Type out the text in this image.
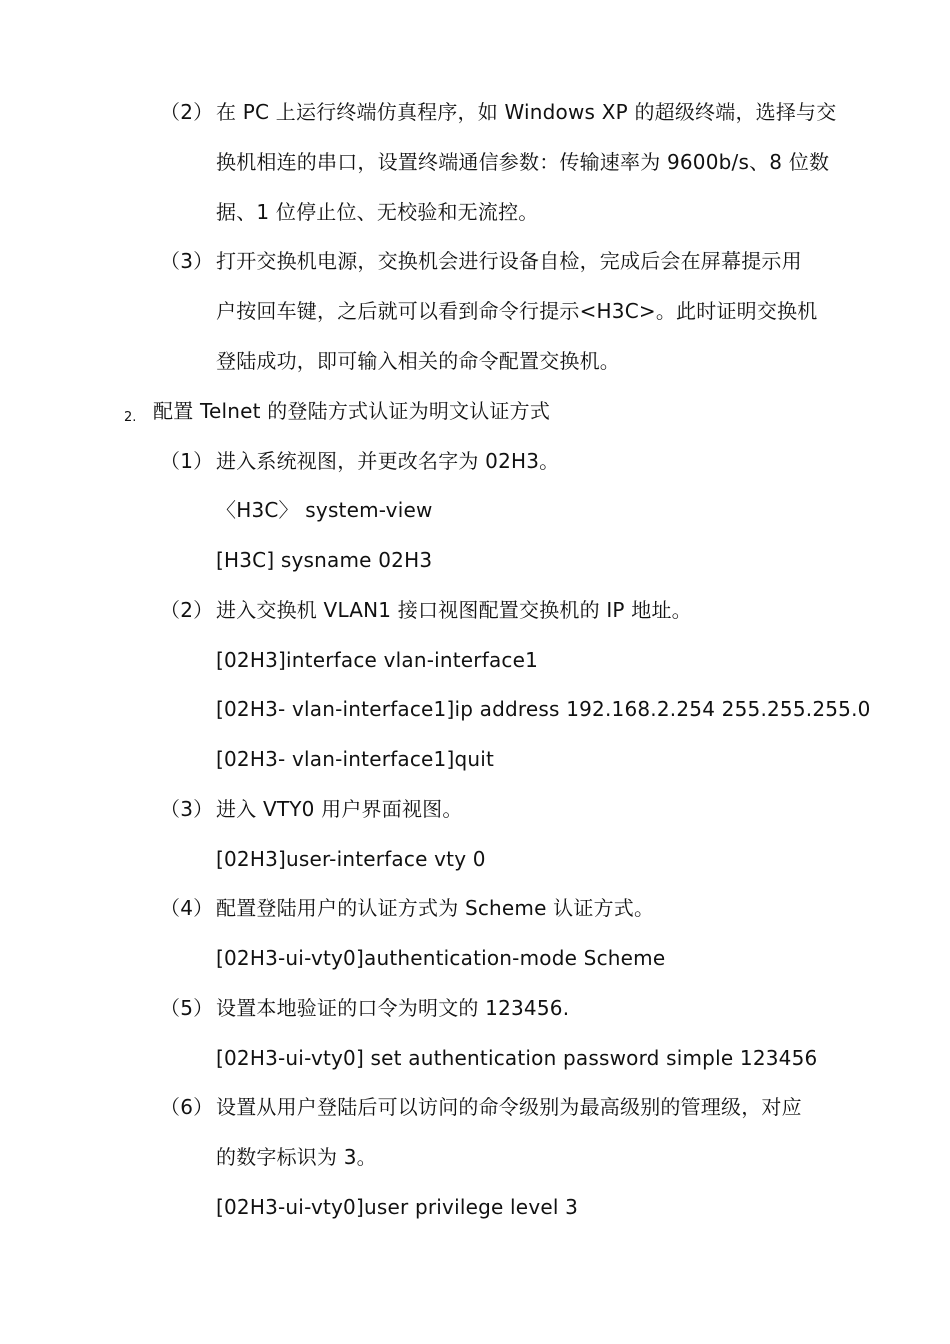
（2） 在 PC 上运行终端仿真程序，如 Windows XP 的超级终端，选择与交
换机相连的串口，设置终端通信参数：传输速率为 9600b/s、8 位数
据、1 位停止位、无校验和无流控。
（3） 打开交换机电源，交换机会进行设备自检，完成后会在屏幕提示用
户按回车键，之后就可以看到命令行提示<H3C>。此时证明交换机
登陆成功，即可输入相关的命令配置交换机。
2. 配置 Telnet 的登陆方式认证为明文认证方式
（1） 进入系统视图，并更改名字为 02H3。
〈H3C〉 system-view
[H3C] sysname 02H3
（2） 进入交换机 VLAN1 接口视图配置交换机的 IP 地址。
[02H3]interface vlan-interface1
[02H3- vlan-interface1]ip address 192.168.2.254 255.255.255.0
[02H3- vlan-interface1]quit
（3） 进入 VTY0 用户界面视图。
[02H3]user-interface vty 0
（4） 配置登陆用户的认证方式为 Scheme 认证方式。
[02H3-ui-vty0]authentication-mode Scheme
（5） 设置本地验证的口令为明文的 123456.
[02H3-ui-vty0] set authentication password simple 123456
（6） 设置从用户登陆后可以访问的命令级别为最高级别的管理级，对应
的数字标识为 3。
[02H3-ui-vty0]user privilege level 3
